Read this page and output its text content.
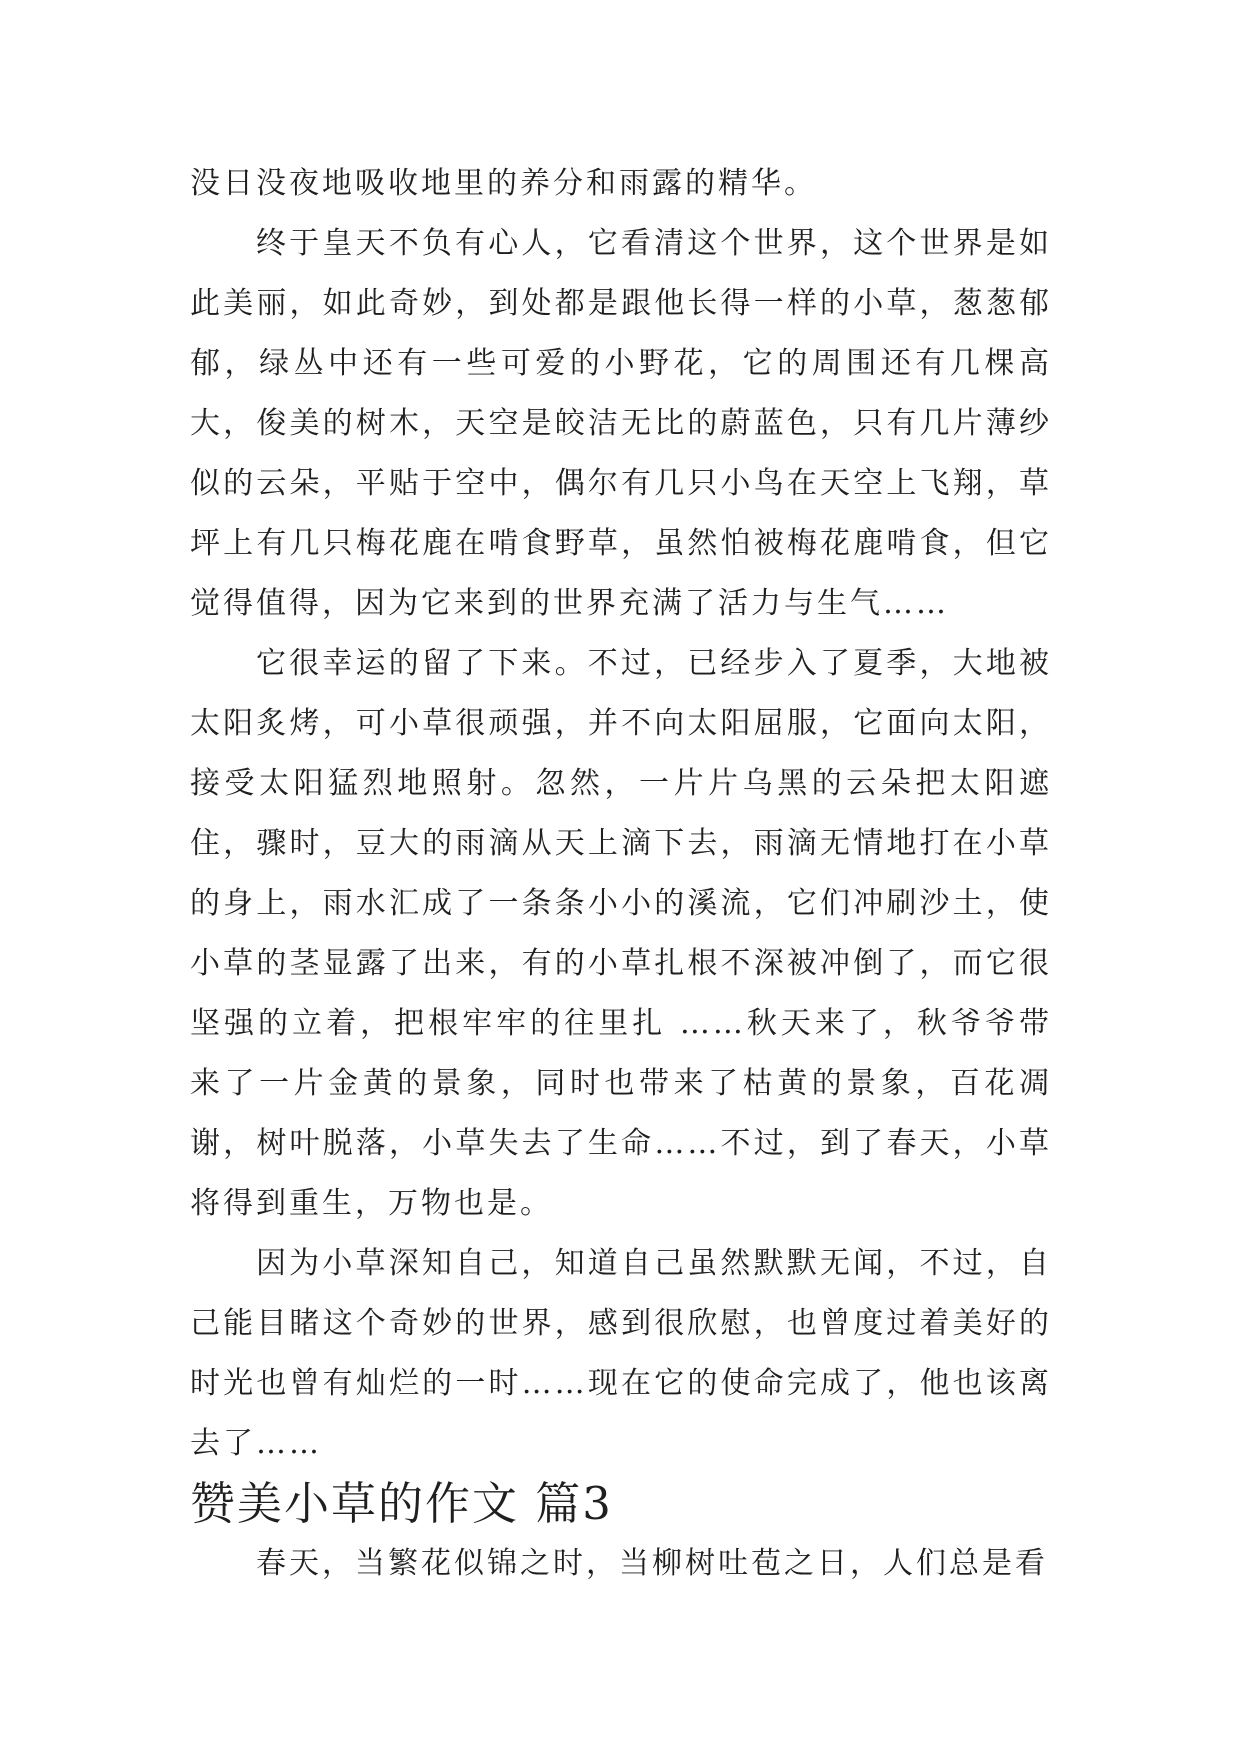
没日没夜地吸收地里的养分和雨露的精华。

终于皇天不负有心人，它看清这个世界，这个世界是如此美丽，如此奇妙，到处都是跟他长得一样的小草，葱葱郁郁，绿丛中还有一些可爱的小野花，它的周围还有几棵高大，俊美的树木，天空是皎洁无比的蔚蓝色，只有几片薄纱似的云朵，平贴于空中，偶尔有几只小鸟在天空上飞翔，草坪上有几只梅花鹿在啃食野草，虽然怕被梅花鹿啃食，但它觉得值得，因为它来到的世界充满了活力与生气……

它很幸运的留了下来。不过，已经步入了夏季，大地被太阳炙烤，可小草很顽强，并不向太阳屈服，它面向太阳，接受太阳猛烈地照射。忽然，一片片乌黑的云朵把太阳遮住，骤时，豆大的雨滴从天上滴下去，雨滴无情地打在小草的身上，雨水汇成了一条条小小的溪流，它们冲刷沙土，使小草的茎显露了出来，有的小草扎根不深被冲倒了，而它很坚强的立着，把根牢牢的往里扎 ……秋天来了，秋爷爷带来了一片金黄的景象，同时也带来了枯黄的景象，百花凋谢，树叶脱落，小草失去了生命……不过，到了春天，小草将得到重生，万物也是。

因为小草深知自己，知道自己虽然默默无闻，不过，自己能目睹这个奇妙的世界，感到很欣慰，也曾度过着美好的时光也曾有灿烂的一时……现在它的使命完成了，他也该离去了……

赞美小草的作文 篇3

春天，当繁花似锦之时，当柳树吐苞之日，人们总是看
